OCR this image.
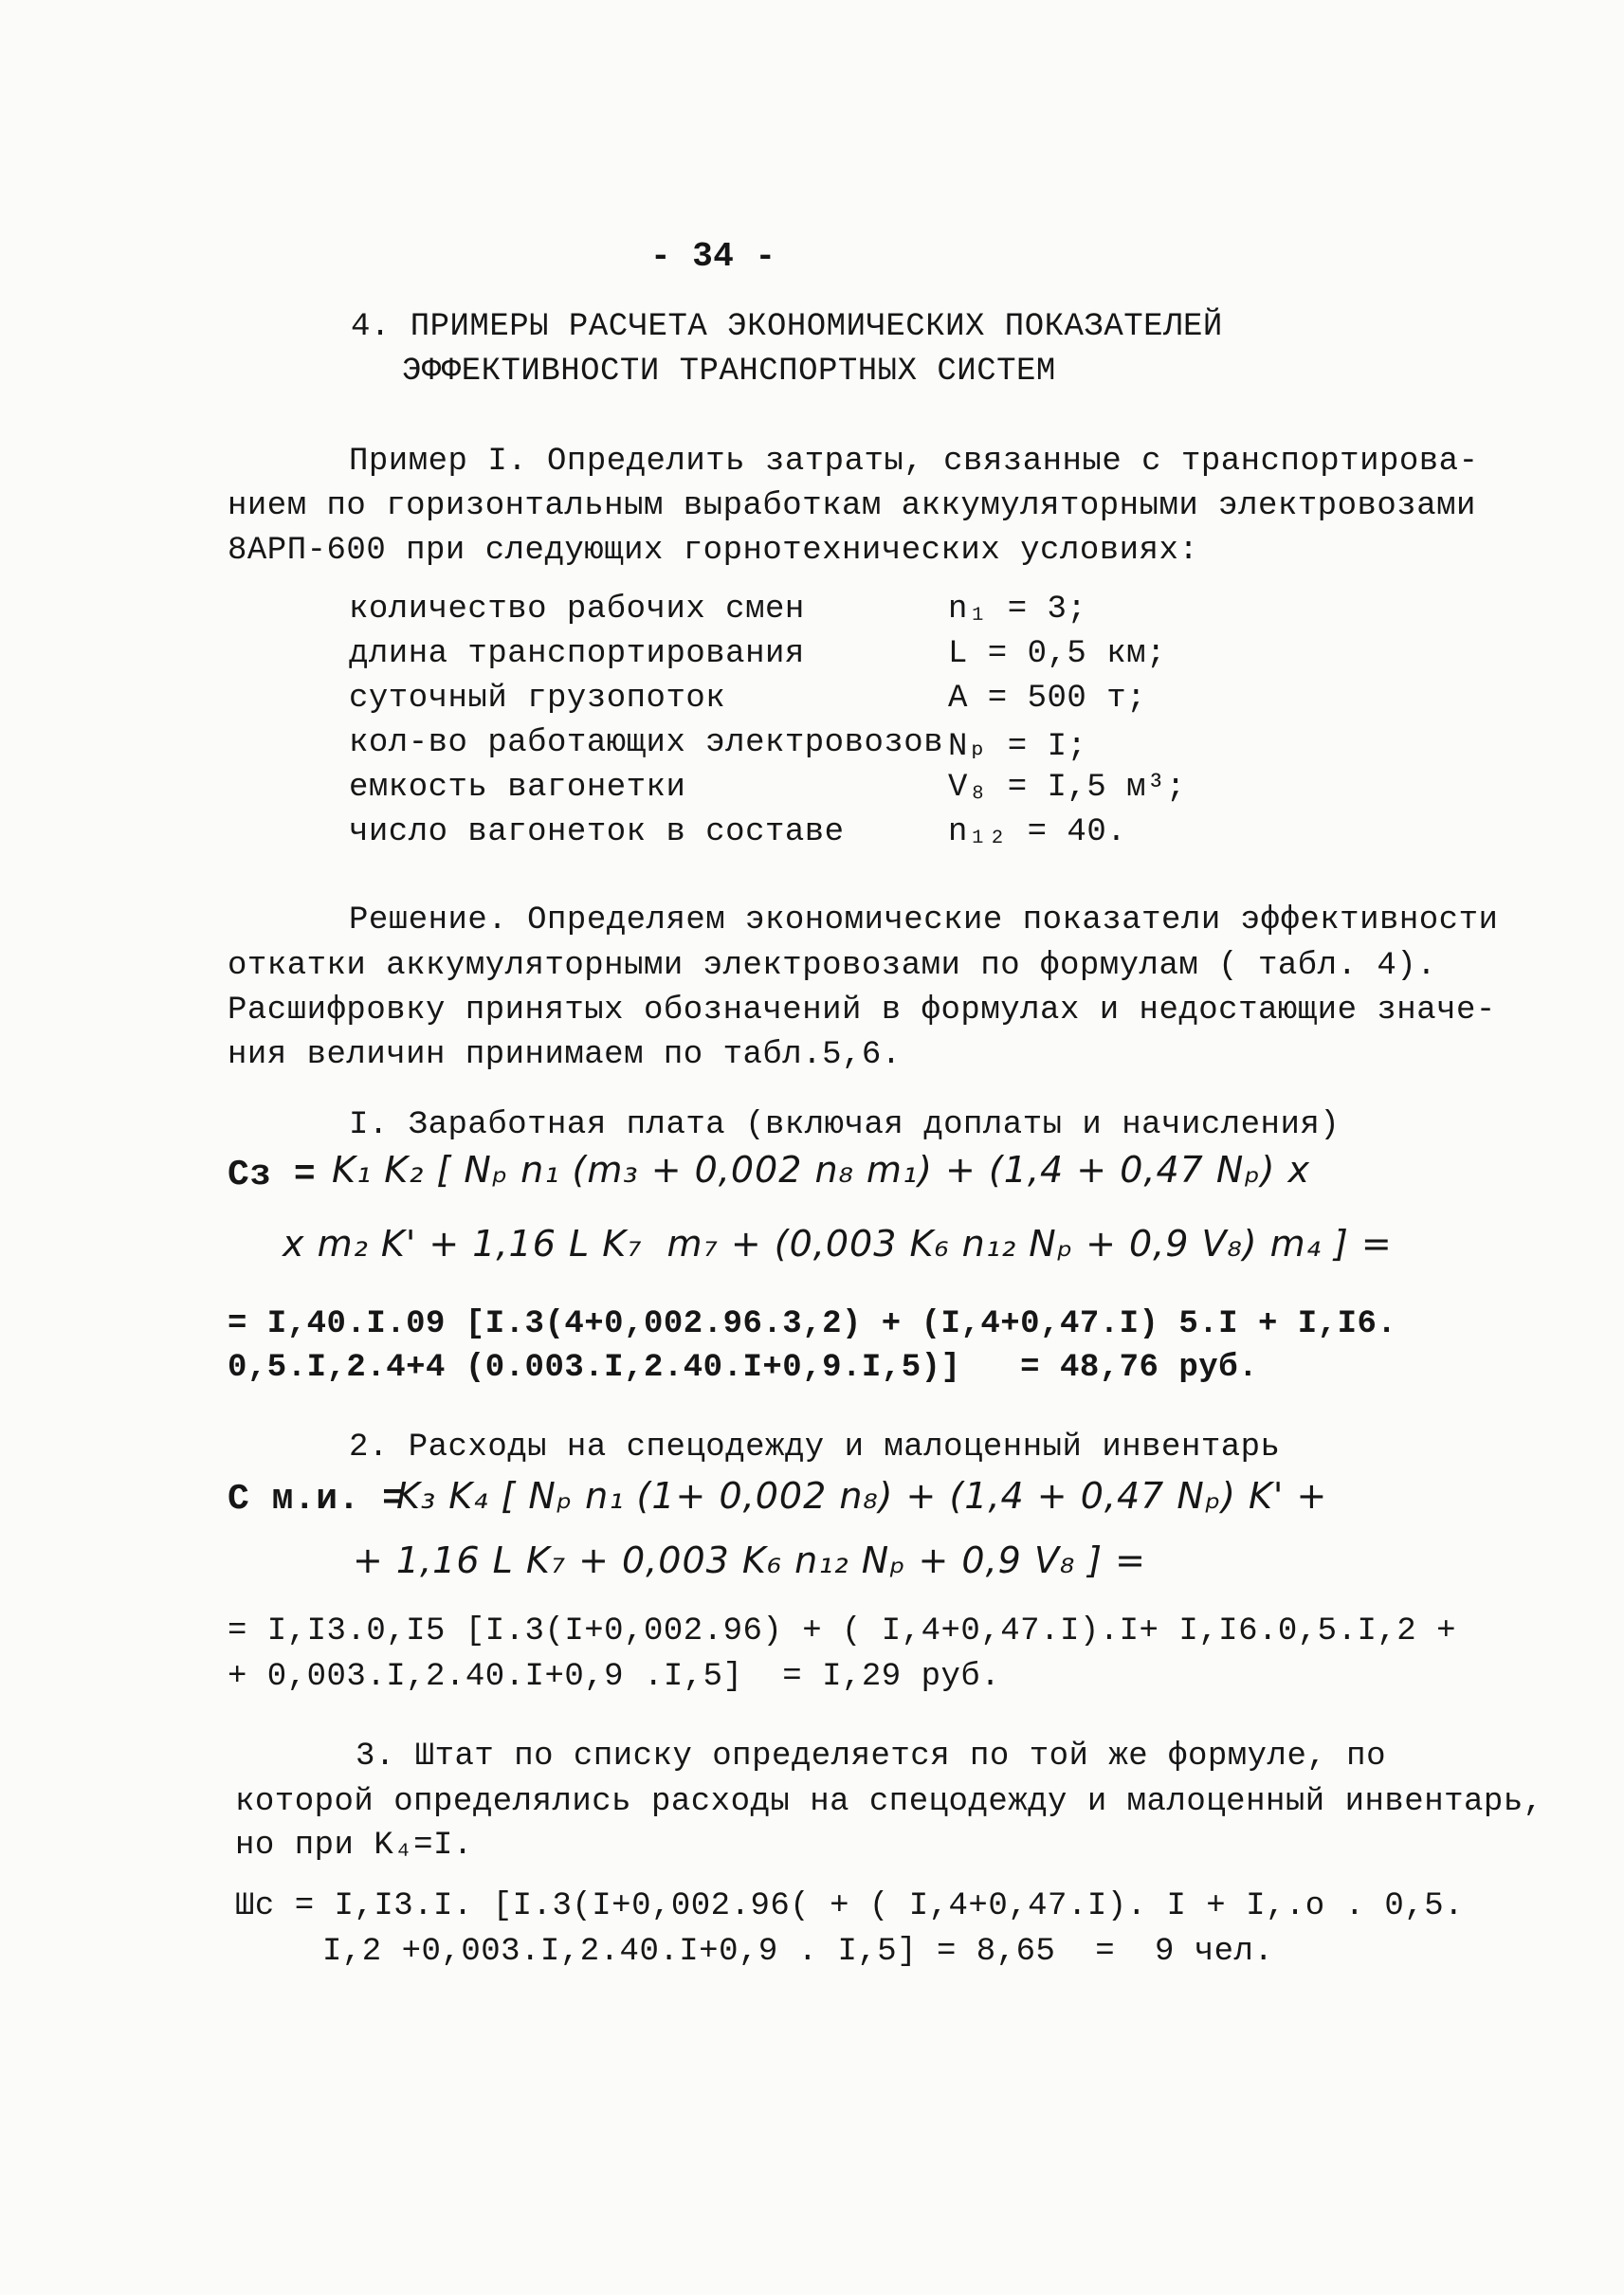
- 34 -
4. ПРИМЕРЫ РАСЧЕТА ЭКОНОМИЧЕСКИХ ПОКАЗАТЕЛЕЙ
ЭФФЕКТИВНОСТИ ТРАНСПОРТНЫХ СИСТЕМ
Пример I. Определить затраты, связанные с транспортирова-
нием по горизонтальным выработкам аккумуляторными электровозами
8АРП-600 при следующих горнотехнических условиях:
количество рабочих смен	n₁ = 3;
длина транспортирования	L = 0,5 км;
суточный грузопоток	A = 500 т;
кол-во работающих электровозов Nₚ = I;
емкость вагонетки	V₈ = I,5 м³;
число вагонеток в составе	n₁₂ = 40.
Решение. Определяем экономические показатели эффективности
откатки аккумуляторными электровозами по формулам ( табл. 4).
Расшифровку принятых обозначений в формулах и недостающие значе-
ния величин принимаем по табл.5,6.
I. Заработная плата (включая доплаты и начисления)
Cз = K₁ K₂ [ Nₚ n₁ (m₃ + 0,002 n₈ m₁) + (1,4 + 0,47 Nₚ) x
x m₂ K' + 1,16 L K₇  m₇ + (0,003 K₆ n₁₂ Nₚ + 0,9 V₈) m₄ ] =
= I,40.I.09 [I.3(4+0,002.96.3,2) + (I,4+0,47.I) 5.I + I,I6.
0,5.I,2.4+4 (0.003.I,2.40.I+0,9.I,5)]   = 48,76 руб.
2. Расходы на спецодежду и малоценный инвентарь
C м.и. =
K₃ K₄ [ Nₚ n₁ (1+ 0,002 n₈) + (1,4 + 0,47 Nₚ) K' +
+ 1,16 L K₇ + 0,003 K₆ n₁₂ Nₚ + 0,9 V₈ ] =
= I,I3.0,I5 [I.3(I+0,002.96) + ( I,4+0,47.I).I+ I,I6.0,5.I,2 +
+ 0,003.I,2.40.I+0,9 .I,5]  = I,29 руб.
3. Штат по списку определяется по той же формуле, по
которой определялись расходы на спецодежду и малоценный инвентарь,
но при K₄=I.
Шс = I,I3.I. [I.3(I+0,002.96( + ( I,4+0,47.I). I + I,.o . 0,5.
I,2 +0,003.I,2.40.I+0,9 . I,5] = 8,65  =  9 чел.
